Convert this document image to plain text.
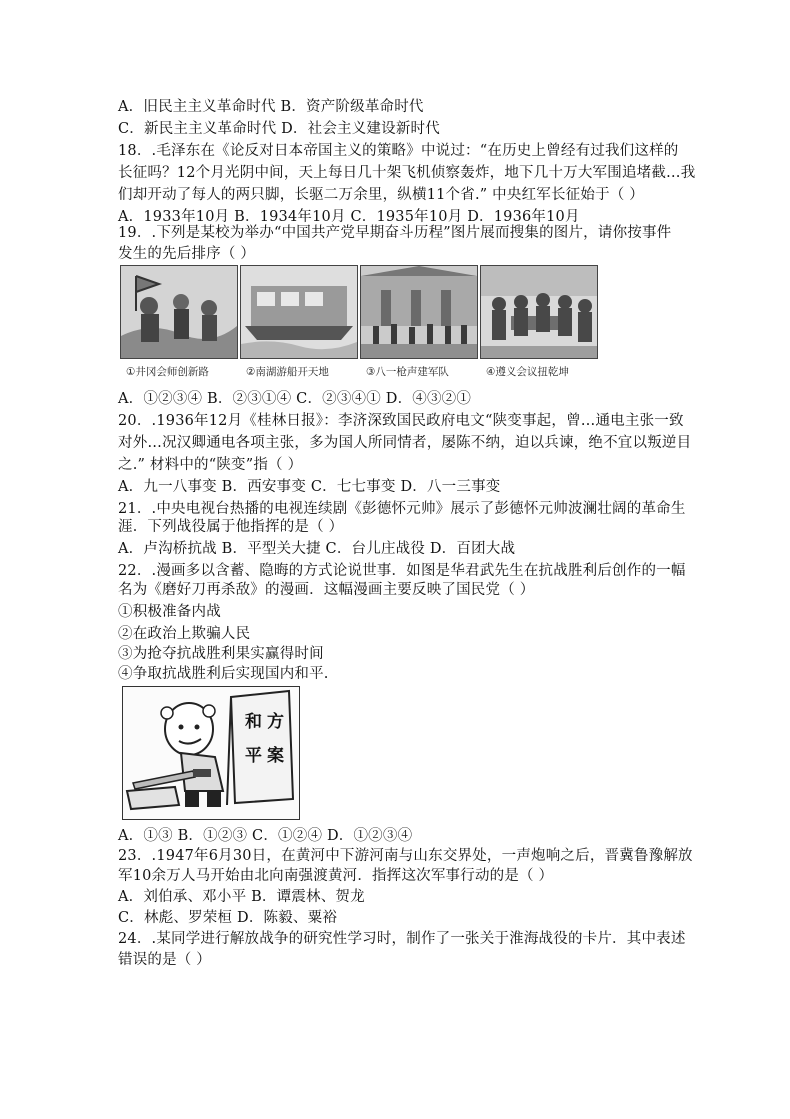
A．旧民主主义革命时代 B．资产阶级革命时代
C．新民主主义革命时代 D．社会主义建设新时代
18．.毛泽东在《论反对日本帝国主义的策略》中说过：“在历史上曾经有过我们这样的
长征吗？12个月光阴中间，天上每日几十架飞机侦察轰炸，地下几十万大军围追堵截…我
们却开动了每人的两只脚，长驱二万余里，纵横11个省.” 中央红军长征始于（ ）
A．1933年10月 B．1934年10月 C．1935年10月 D．1936年10月
19．.下列是某校为举办“中国共产党早期奋斗历程”图片展而搜集的图片，请你按事件
发生的先后排序（ ）
①井冈会师创新路	②南湖游船开天地	③八一枪声建军队	④遵义会议扭乾坤
A．①②③④ B．②③①④ C．②③④① D．④③②①
20．.1936年12月《桂林日报》：李济深致国民政府电文“陕变事起，曾…通电主张一致
对外…况汉卿通电各项主张，多为国人所同情者，屡陈不纳，迫以兵谏，绝不宜以叛逆目
之.” 材料中的“陕变”指（ ）
A．九一八事变 B．西安事变 C．七七事变 D．八一三事变
21．.中央电视台热播的电视连续剧《彭德怀元帅》展示了彭德怀元帅波澜壮阔的革命生
涯．下列战役属于他指挥的是（ ）
A．卢沟桥抗战 B．平型关大捷 C．台儿庄战役 D．百团大战
22．.漫画多以含蓄、隐晦的方式论说世事．如图是华君武先生在抗战胜利后创作的一幅
名为《磨好刀再杀敌》的漫画．这幅漫画主要反映了国民党（ ）
①积极准备内战
②在政治上欺骗人民
③为抢夺抗战胜利果实赢得时间
④争取抗战胜利后实现国内和平.
和 方
平 案
A．①③ B．①②③ C．①②④ D．①②③④
23．.1947年6月30日，在黄河中下游河南与山东交界处，一声炮响之后，晋冀鲁豫解放
军10余万人马开始由北向南强渡黄河．指挥这次军事行动的是（ ）
A．刘伯承、邓小平 B．谭震林、贺龙
C．林彪、罗荣桓 D．陈毅、粟裕
24．.某同学进行解放战争的研究性学习时，制作了一张关于淮海战役的卡片．其中表述
错误的是（ ）
